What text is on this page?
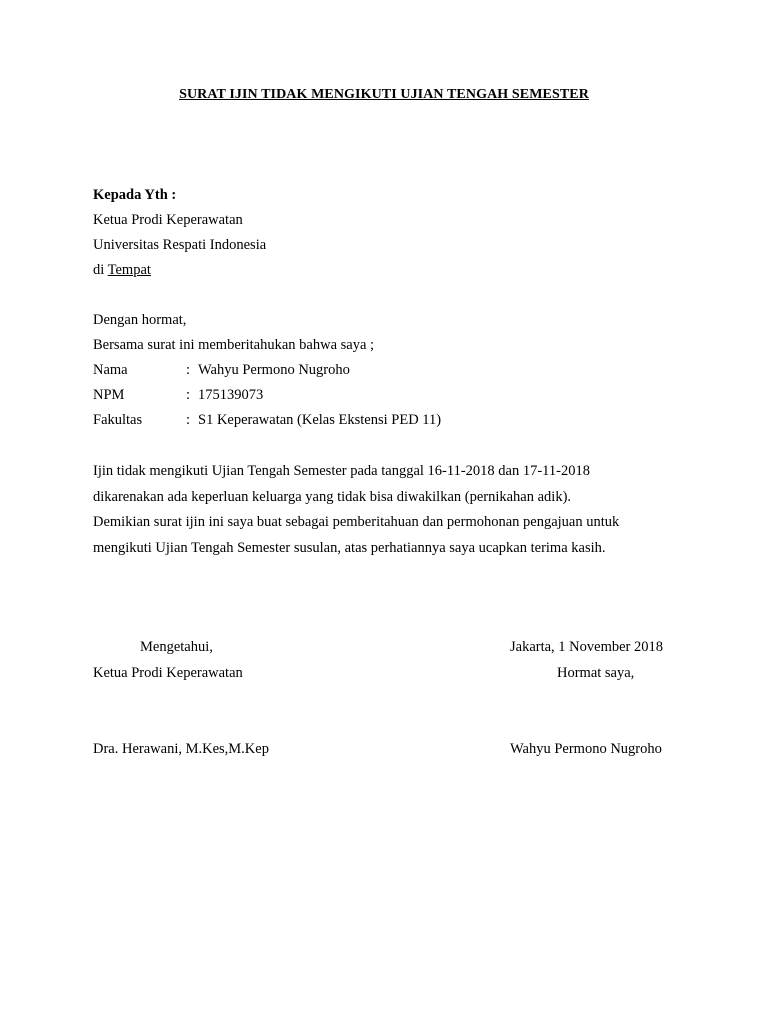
SURAT IJIN TIDAK MENGIKUTI UJIAN TENGAH SEMESTER
Kepada Yth :
Ketua Prodi Keperawatan
Universitas Respati Indonesia
di Tempat
Dengan hormat,
Bersama surat ini memberitahukan bahwa saya ;
Nama	: Wahyu Permono Nugroho
NPM	: 175139073
Fakultas	: S1 Keperawatan (Kelas Ekstensi PED 11)
Ijin tidak mengikuti Ujian Tengah Semester pada tanggal 16-11-2018 dan 17-11-2018
dikarenakan ada keperluan keluarga yang tidak bisa diwakilkan (pernikahan adik).
Demikian surat ijin ini saya buat sebagai pemberitahuan dan permohonan pengajuan untuk
mengikuti Ujian Tengah Semester susulan, atas perhatiannya saya ucapkan terima kasih.
Mengetahui,
Ketua Prodi Keperawatan
Dra. Herawani, M.Kes,M.Kep
Jakarta, 1 November 2018
Hormat saya,
Wahyu Permono Nugroho
